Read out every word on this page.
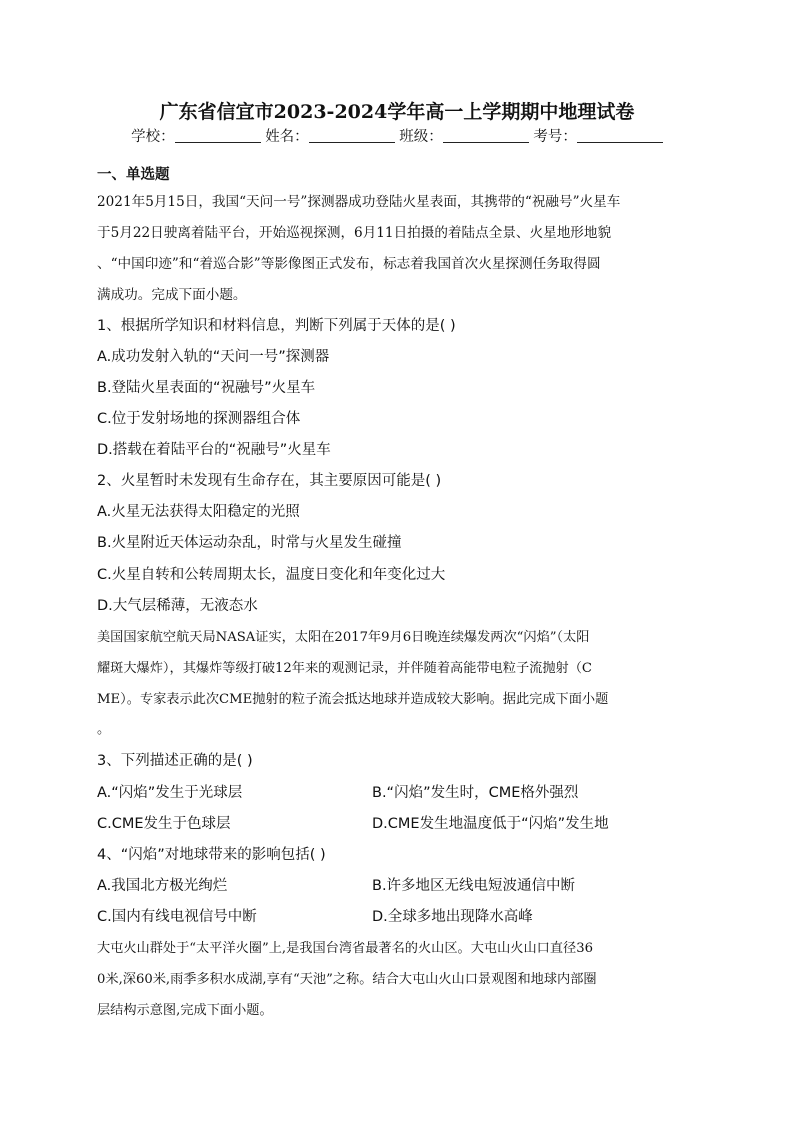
广东省信宜市2023-2024学年高一上学期期中地理试卷
学校：	姓名：	班级：	考号：
一、单选题
2021年5月15日，我国“天问一号”探测器成功登陆火星表面，其携带的“祝融号”火星车
于5月22日驶离着陆平台，开始巡视探测，6月11日拍摄的着陆点全景、火星地形地貌
、“中国印迹”和“着巡合影”等影像图正式发布，标志着我国首次火星探测任务取得圆
满成功。完成下面小题。
1、根据所学知识和材料信息，判断下列属于天体的是( )
A.成功发射入轨的“天问一号”探测器
B.登陆火星表面的“祝融号”火星车
C.位于发射场地的探测器组合体
D.搭载在着陆平台的“祝融号”火星车
2、火星暂时未发现有生命存在，其主要原因可能是( )
A.火星无法获得太阳稳定的光照
B.火星附近天体运动杂乱，时常与火星发生碰撞
C.火星自转和公转周期太长，温度日变化和年变化过大
D.大气层稀薄，无液态水
美国国家航空航天局NASA证实，太阳在2017年9月6日晚连续爆发两次“闪焰”（太阳
耀斑大爆炸），其爆炸等级打破12年来的观测记录，并伴随着高能带电粒子流抛射（C
ME）。专家表示此次CME抛射的粒子流会抵达地球并造成较大影响。据此完成下面小题
。
3、下列描述正确的是( )
A.“闪焰”发生于光球层	B.“闪焰”发生时，CME格外强烈
C.CME发生于色球层	D.CME发生地温度低于“闪焰”发生地
4、“闪焰”对地球带来的影响包括( )
A.我国北方极光绚烂	B.许多地区无线电短波通信中断
C.国内有线电视信号中断	D.全球多地出现降水高峰
大屯火山群处于“太平洋火圈”上,是我国台湾省最著名的火山区。大屯山火山口直径36
0米,深60米,雨季多积水成湖,享有“天池”之称。结合大屯山火山口景观图和地球内部圈
层结构示意图,完成下面小题。
